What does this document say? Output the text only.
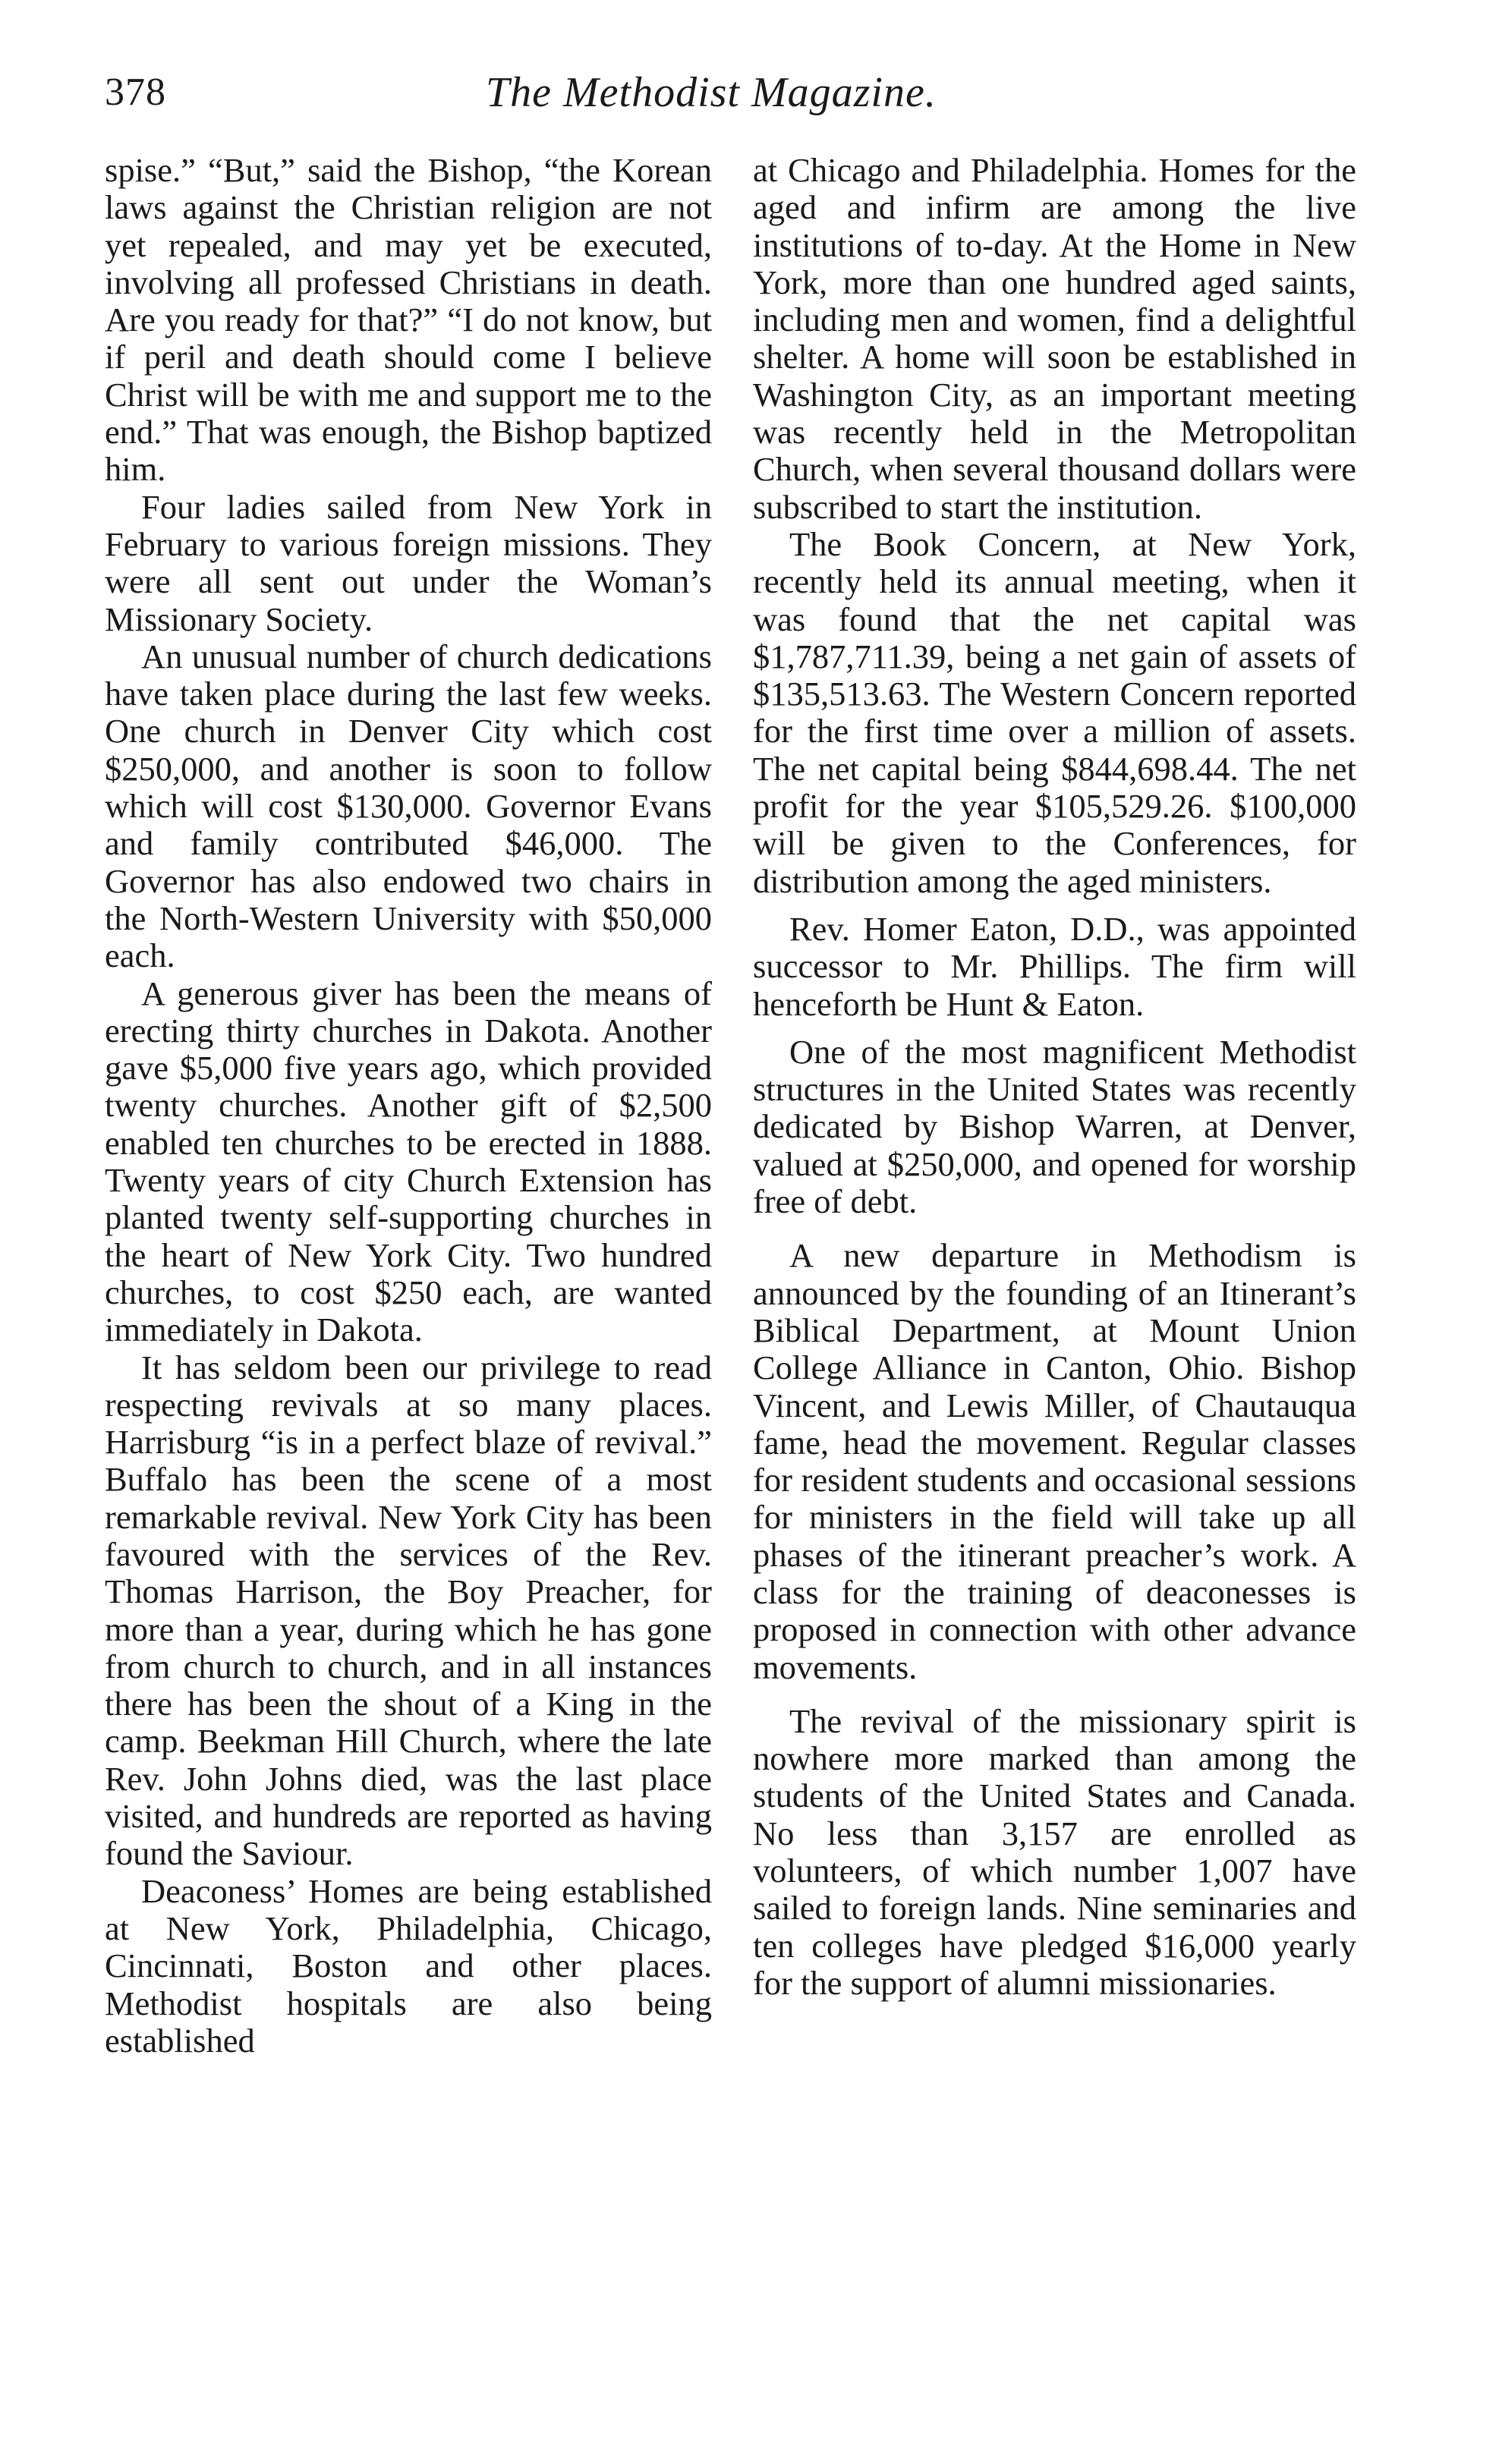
378	The Methodist Magazine.

spise.” “But,” said the Bishop, “the Korean laws against the Christian religion are not yet repealed, and may yet be executed, involving all professed Christians in death. Are you ready for that?” “I do not know, but if peril and death should come I believe Christ will be with me and support me to the end.” That was enough, the Bishop baptized him.

Four ladies sailed from New York in February to various foreign missions. They were all sent out under the Woman’s Missionary Society.

An unusual number of church dedications have taken place during the last few weeks. One church in Denver City which cost $250,000, and another is soon to follow which will cost $130,000. Governor Evans and family contributed $46,000. The Governor has also endowed two chairs in the North-Western University with $50,000 each.

A generous giver has been the means of erecting thirty churches in Dakota. Another gave $5,000 five years ago, which provided twenty churches. Another gift of $2,500 enabled ten churches to be erected in 1888. Twenty years of city Church Extension has planted twenty self-supporting churches in the heart of New York City. Two hundred churches, to cost $250 each, are wanted immediately in Dakota.

It has seldom been our privilege to read respecting revivals at so many places. Harrisburg “is in a perfect blaze of revival.” Buffalo has been the scene of a most remarkable revival. New York City has been favoured with the services of the Rev. Thomas Harrison, the Boy Preacher, for more than a year, during which he has gone from church to church, and in all instances there has been the shout of a King in the camp. Beekman Hill Church, where the late Rev. John Johns died, was the last place visited, and hundreds are reported as having found the Saviour.

Deaconess’ Homes are being established at New York, Philadelphia, Chicago, Cincinnati, Boston and other places. Methodist hospitals are also being established

at Chicago and Philadelphia. Homes for the aged and infirm are among the live institutions of to-day. At the Home in New York, more than one hundred aged saints, including men and women, find a delightful shelter. A home will soon be established in Washington City, as an important meeting was recently held in the Metropolitan Church, when several thousand dollars were subscribed to start the institution.

The Book Concern, at New York, recently held its annual meeting, when it was found that the net capital was $1,787,711.39, being a net gain of assets of $135,513.63. The Western Concern reported for the first time over a million of assets. The net capital being $844,698.44. The net profit for the year $105,529.26. $100,000 will be given to the Conferences, for distribution among the aged ministers.

Rev. Homer Eaton, D.D., was appointed successor to Mr. Phillips. The firm will henceforth be Hunt & Eaton.

One of the most magnificent Methodist structures in the United States was recently dedicated by Bishop Warren, at Denver, valued at $250,000, and opened for worship free of debt.

A new departure in Methodism is announced by the founding of an Itinerant’s Biblical Department, at Mount Union College Alliance in Canton, Ohio. Bishop Vincent, and Lewis Miller, of Chautauqua fame, head the movement. Regular classes for resident students and occasional sessions for ministers in the field will take up all phases of the itinerant preacher’s work. A class for the training of deaconesses is proposed in connection with other advance movements.

The revival of the missionary spirit is nowhere more marked than among the students of the United States and Canada. No less than 3,157 are enrolled as volunteers, of which number 1,007 have sailed to foreign lands. Nine seminaries and ten colleges have pledged $16,000 yearly for the support of alumni missionaries.
